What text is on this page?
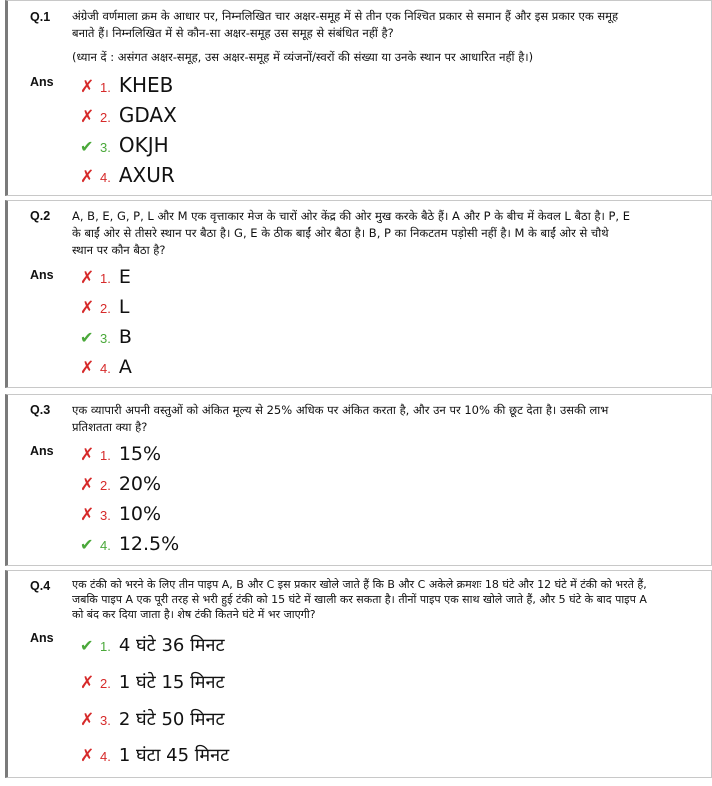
Q.1 अंग्रेजी वर्णमाला क्रम के आधार पर, निम्नलिखित चार अक्षर-समूह में से तीन एक निश्चित प्रकार से समान हैं और इस प्रकार एक समूह बनाते हैं। निम्नलिखित में से कौन-सा अक्षर-समूह उस समूह से संबंधित नहीं है?
(ध्यान दें : असंगत अक्षर-समूह, उस अक्षर-समूह में व्यंजनों/स्वरों की संख्या या उनके स्थान पर आधारित नहीं है।)
Ans ✗ 1. KHEB
✗ 2. GDAX
✔ 3. OKJH
✗ 4. AXUR
Q.2 A, B, E, G, P, L और M एक वृत्ताकार मेज के चारों ओर केंद्र की ओर मुख करके बैठे हैं। A और P के बीच में केवल L बैठा है। P, E के बाईं ओर से तीसरे स्थान पर बैठा है। G, E के ठीक बाईं ओर बैठा है। B, P का निकटतम पड़ोसी नहीं है। M के बाईं ओर से चौथे स्थान पर कौन बैठा है?
Ans ✗ 1. E
✗ 2. L
✔ 3. B
✗ 4. A
Q.3 एक व्यापारी अपनी वस्तुओं को अंकित मूल्य से 25% अधिक पर अंकित करता है, और उन पर 10% की छूट देता है। उसकी लाभ प्रतिशतता क्या है?
Ans ✗ 1. 15%
✗ 2. 20%
✗ 3. 10%
✔ 4. 12.5%
Q.4 एक टंकी को भरने के लिए तीन पाइप A, B और C इस प्रकार खोले जाते हैं कि B और C अकेले क्रमशः 18 घंटे और 12 घंटे में टंकी को भरते हैं, जबकि पाइप A एक पूरी तरह से भरी हुई टंकी को 15 घंटे में खाली कर सकता है। तीनों पाइप एक साथ खोले जाते हैं, और 5 घंटे के बाद पाइप A को बंद कर दिया जाता है। शेष टंकी कितने घंटे में भर जाएगी?
Ans ✔ 1. 4 घंटे 36 मिनट
✗ 2. 1 घंटे 15 मिनट
✗ 3. 2 घंटे 50 मिनट
✗ 4. 1 घंटा 45 मिनट
